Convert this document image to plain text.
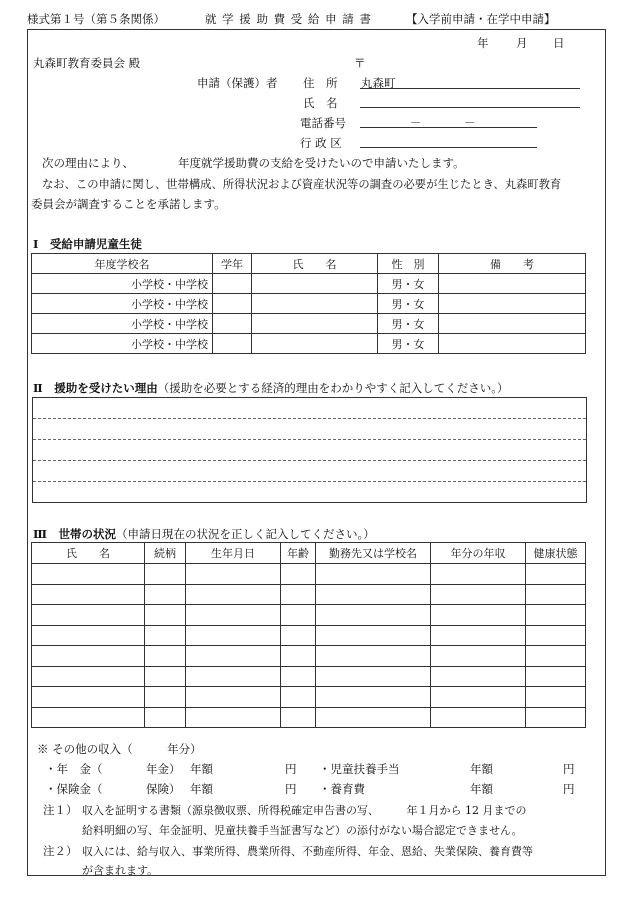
様式第１号（第５条関係）	就 学 援 助 費 受 給 申 請 書	【入学前申請・在学中申請】
年 月 日
丸森町教育委員会 殿	〒
申請（保護）者 住　所 丸森町
氏　名
電話番号	－	－
行 政 区
次の理由により、	年度就学援助費の支給を受けたいので申請いたします。
なお、この申請に関し、世帯構成、所得状況および資産状況等の調査の必要が生じたとき、丸森町教育
委員会が調査することを承諾します。
Ⅰ　受給申請児童生徒
年度学校名	学年	氏　　名	性　別	備　　考
小学校・中学校			男・女	
小学校・中学校			男・女	
小学校・中学校			男・女	
小学校・中学校			男・女	
Ⅱ　援助を受けたい理由（援助を必要とする経済的理由をわかりやすく記入してください。）
Ⅲ　世帯の状況（申請日現在の状況を正しく記入してください。）
氏　　名	続柄	生年月日	年齢	勤務先又は学校名	年分の年収	健康状態

※ その他の収入（　　　年分）
・年　金（	年金） 年額	円 ・児童扶養手当	年額	円
・保険金（	保険） 年額	円 ・養育費	年額	円
注１） 収入を証明する書類（源泉徴収票、所得税確定申告書の写、　　　年１月から 12 月までの
給料明細の写、年金証明、児童扶養手当証書写など）の添付がない場合認定できません。
注２） 収入には、給与収入、事業所得、農業所得、不動産所得、年金、恩給、失業保険、養育費等
が含まれます。
